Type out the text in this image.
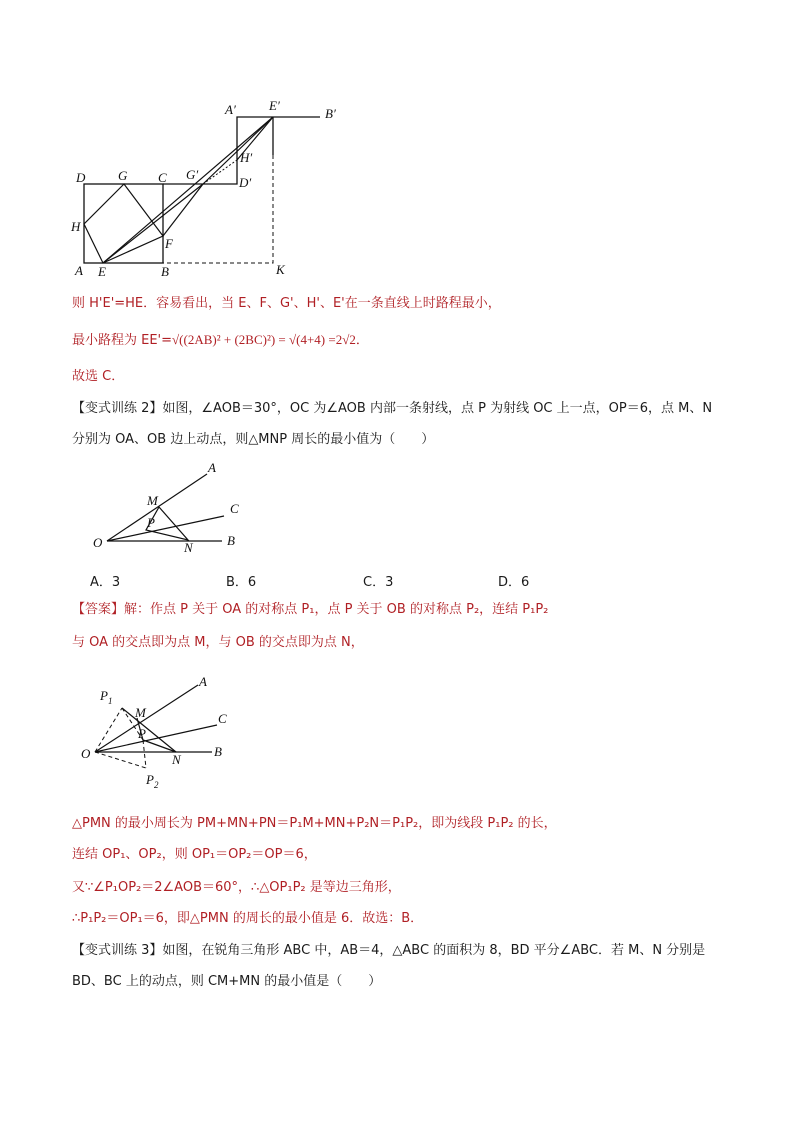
A′	E′
B′
H′
D	G C G′
D′
H
F
A E	B	K
则 H'E'=HE．容易看出，当 E、F、G'、H'、E'在一条直线上时路程最小，
最小路程为 EE'=√((2AB)² + (2BC)²) = √(4+4) =2√2．
故选 C．
【变式训练 2】如图，∠AOB＝30°，OC 为∠AOB 内部一条射线，点 P 为射线 OC 上一点，OP＝6，点 M、N
分别为 OA、OB 边上动点，则△MNP 周长的最小值为（　　）
A
M
C
P
O	N	B
A．3	B．6	C．3	D．6
【答案】解：作点 P 关于 OA 的对称点 P₁，点 P 关于 OB 的对称点 P₂，连结 P₁P₂
与 OA 的交点即为点 M，与 OB 的交点即为点 N，
$P_1$
A
M	C
P
O	N
B
$P_2$
△PMN 的最小周长为 PM+MN+PN＝P₁M+MN+P₂N＝P₁P₂，即为线段 P₁P₂ 的长，
连结 OP₁、OP₂，则 OP₁＝OP₂＝OP＝6，
又∵∠P₁OP₂＝2∠AOB＝60°，∴△OP₁P₂ 是等边三角形，
∴P₁P₂＝OP₁＝6，即△PMN 的周长的最小值是 6．故选：B．
【变式训练 3】如图，在锐角三角形 ABC 中，AB＝4，△ABC 的面积为 8，BD 平分∠ABC．若 M、N 分别是
BD、BC 上的动点，则 CM+MN 的最小值是（　　）
